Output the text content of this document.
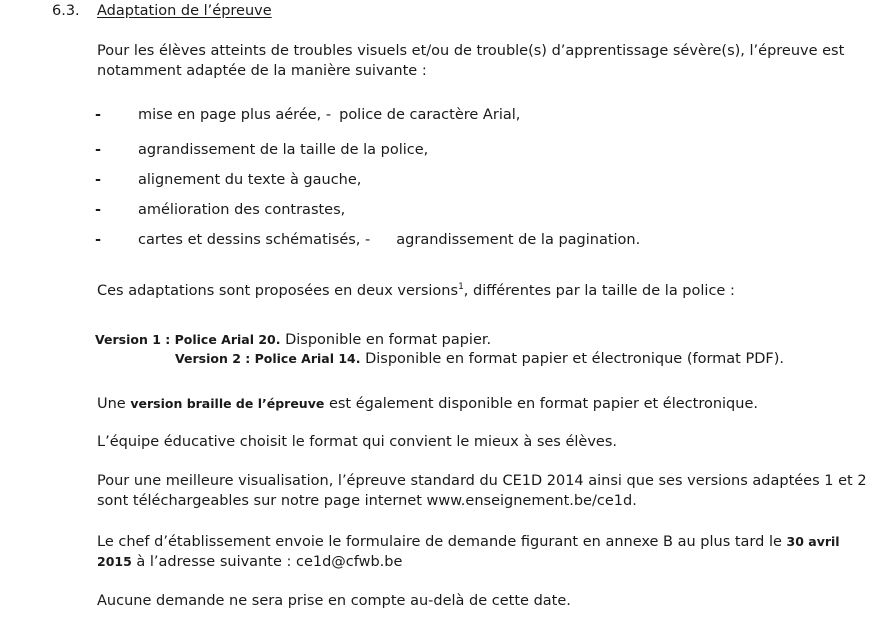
6.3. Adaptation de l’épreuve
Pour les élèves atteints de troubles visuels et/ou de trouble(s) d’apprentissage sévère(s), l’épreuve est
notamment adaptée de la manière suivante :
-	mise en page plus aérée, - police de caractère Arial,
-	agrandissement de la taille de la police,
-	alignement du texte à gauche,
-	amélioration des contrastes,
-	cartes et dessins schématisés, - agrandissement de la pagination.
Ces adaptations sont proposées en deux versions$^1$, différentes par la taille de la police :
Version 1 : Police Arial 20. Disponible en format papier.
Version 2 : Police Arial 14. Disponible en format papier et électronique (format PDF).
Une version braille de l’épreuve est également disponible en format papier et électronique.
L’équipe éducative choisit le format qui convient le mieux à ses élèves.
Pour une meilleure visualisation, l’épreuve standard du CE1D 2014 ainsi que ses versions adaptées 1 et 2
sont téléchargeables sur notre page internet www.enseignement.be/ce1d.
Le chef d’établissement envoie le formulaire de demande figurant en annexe B au plus tard le 30 avril
2015 à l’adresse suivante : ce1d@cfwb.be
Aucune demande ne sera prise en compte au-delà de cette date.
